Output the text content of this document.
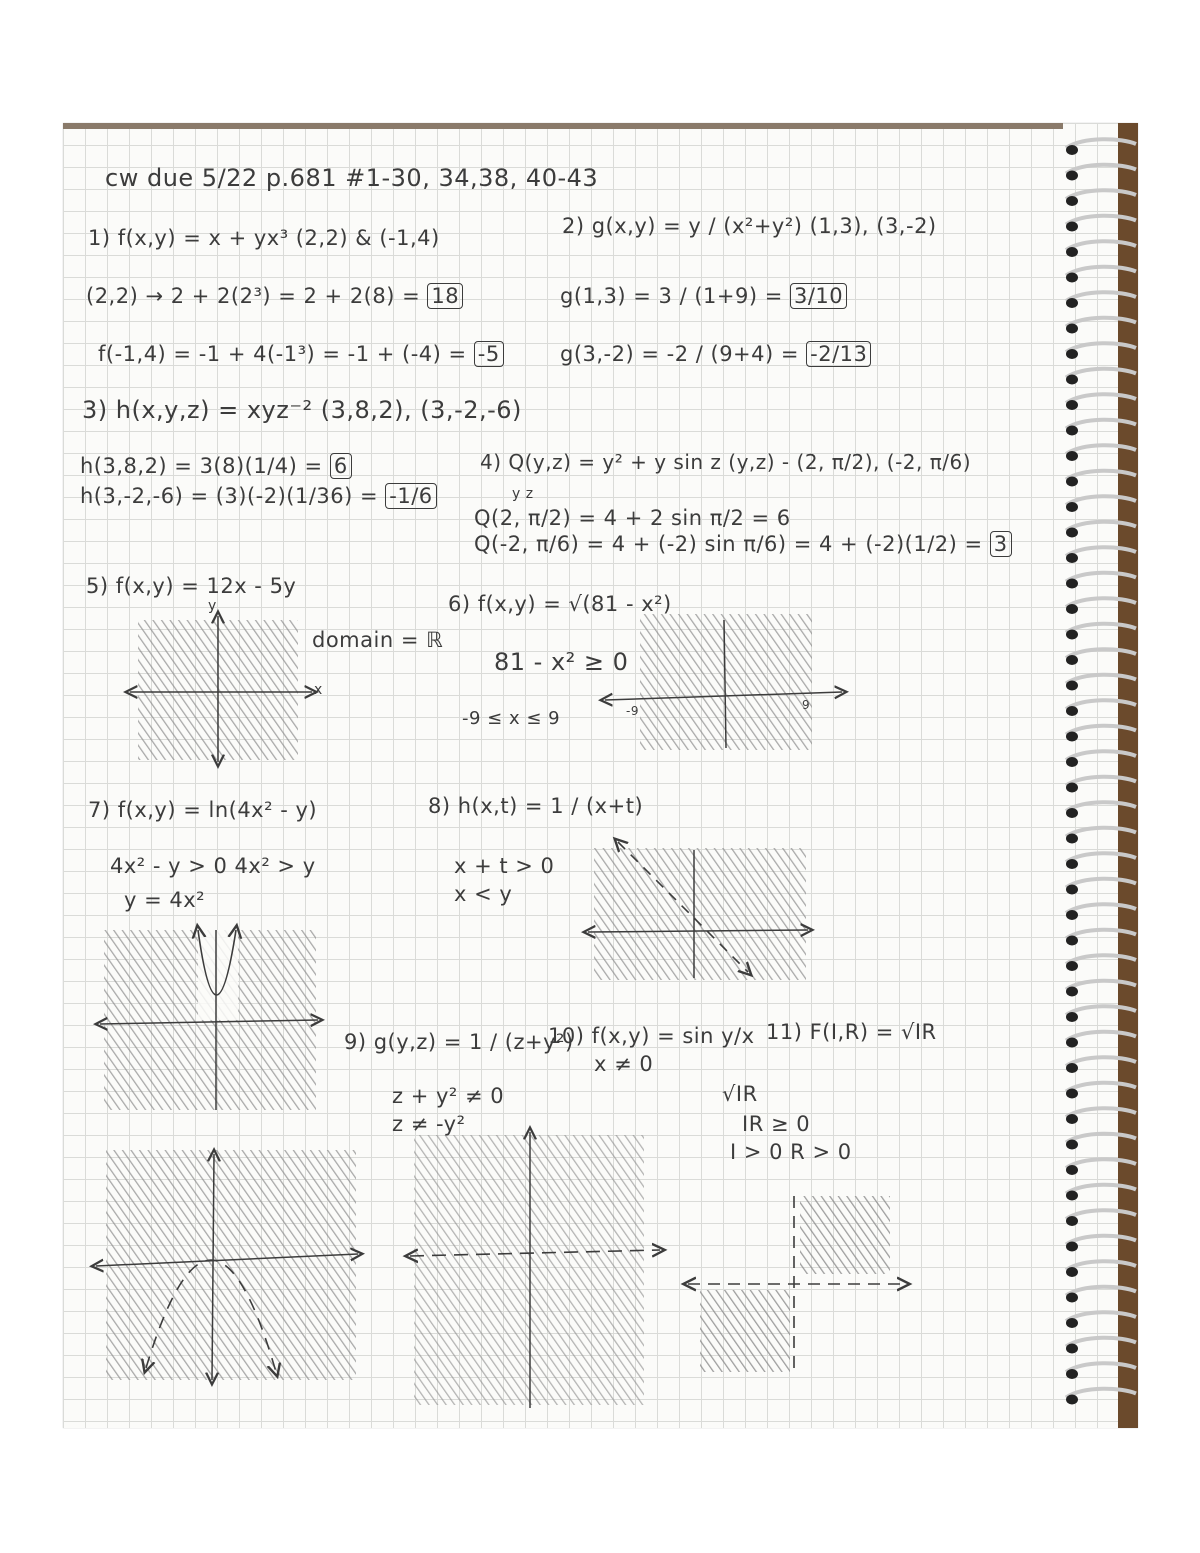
cw due 5/22 p.681 #1-30, 34,38, 40-43
1) f(x,y) = x + yx³ (2,2) & (-1,4)
(2,2) → 2 + 2(2³) = 2 + 2(8) = 18
f(-1,4) = -1 + 4(-1³) = -1 + (-4) = -5
2) g(x,y) = y / (x²+y²) (1,3), (3,-2)
g(1,3) = 3 / (1+9) = 3/10
g(3,-2) = -2 / (9+4) = -2/13
3) h(x,y,z) = xyz⁻² (3,8,2), (3,-2,-6)
h(3,8,2) = 3(8)(1/4) = 6
h(3,-2,-6) = (3)(-2)(1/36) = -1/6
4) Q(y,z) = y² + y sin z (y,z) - (2, π/2), (-2, π/6)
y z
Q(2, π/2) = 4 + 2 sin π/2 = 6
Q(-2, π/6) = 4 + (-2) sin π/6) = 4 + (-2)(1/2) = 3
5) f(x,y) = 12x - 5y
domain = ℝ
x
y	6) f(x,y) = √(81 - x²)
81 - x² ≥ 0
-9 ≤ x ≤ 9	-9	9
7) f(x,y) = ln(4x² - y)
4x² - y > 0 4x² > y
y = 4x²
8) h(x,t) = 1 / (x+t)
x + t > 0
x < y
9) g(y,z) = 1 / (z+y²)
z + y² ≠ 0
z ≠ -y²
10) f(x,y) = sin y/x
x ≠ 0
11) F(I,R) = √IR
√IR
IR ≥ 0
I > 0 R > 0
